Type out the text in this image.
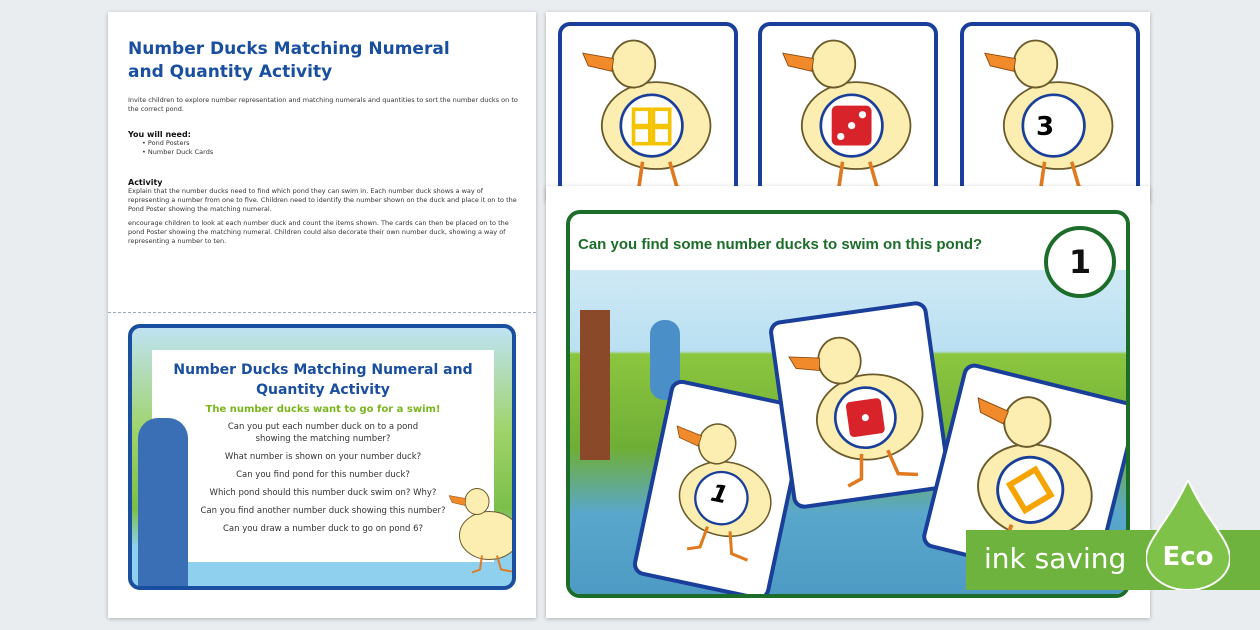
Number Ducks Matching Numeral and Quantity Activity
Invite children to explore number representation and matching numerals and quantities to sort the number ducks on to the correct pond.
You will need:
• Pond Posters
• Number Duck Cards
Activity
Explain that the number ducks need to find which pond they can swim in. Each number duck shows a way of representing a number from one to five. Children need to identify the number shown on the duck and place it on to the Pond Poster showing the matching numeral.
encourage children to look at each number duck and count the items shown. The cards can then be placed on to the pond Poster showing the matching numeral. Children could also decorate their own number duck, showing a way of representing a number to ten.
Number Ducks Matching Numeral and Quantity Activity
The number ducks want to go for a swim!
Can you put each number duck on to a pond showing the matching number?
What number is shown on your number duck?
Can you find pond for this number duck?
Which pond should this number duck swim on? Why?
Can you find another number duck showing this number?
Can you draw a number duck to go on pond 6?
3
Can you find some number ducks to swim on this pond?	1
1
ink saving Eco
